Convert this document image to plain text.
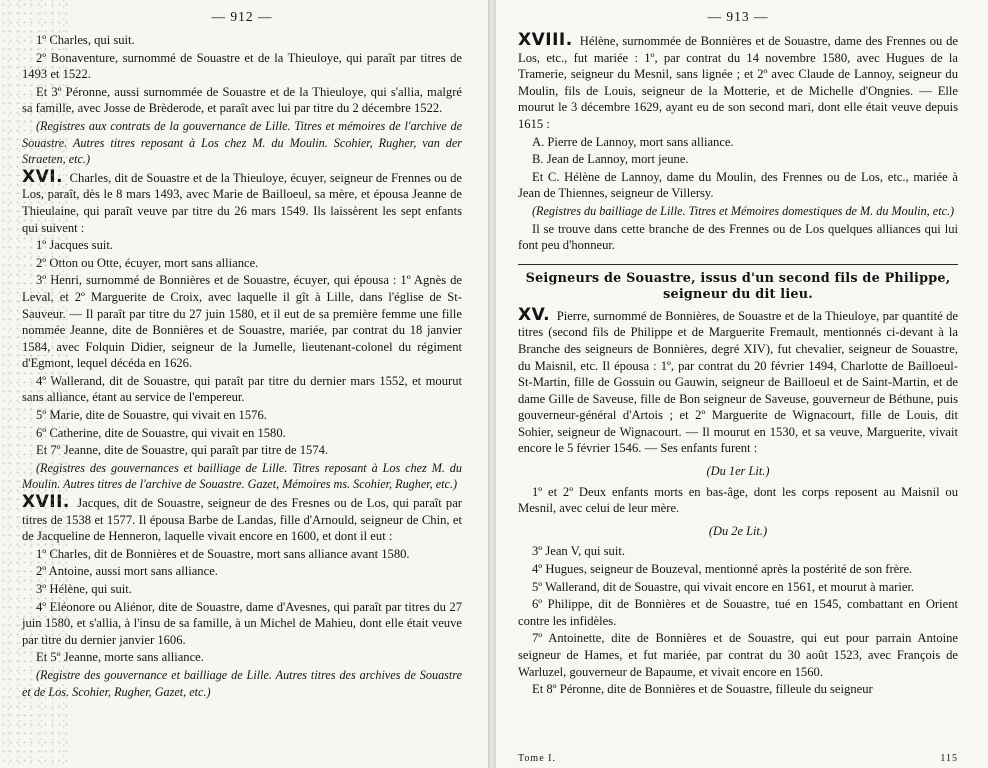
— 912 —
1º Charles, qui suit.
2º Bonaventure, surnommé de Souastre et de la Thieuloye, qui paraît par titres de 1493 et 1522.
Et 3º Péronne, aussi surnommée de Souastre et de la Thieuloye, qui s'allia, malgré sa famille, avec Josse de Brèderode, et paraît avec lui par titre du 2 décembre 1522.
(Registres aux contrats de la gouvernance de Lille. Titres et mémoires de l'archive de Souastre. Autres titres reposant à Los chez M. du Moulin. Scohier, Rugher, van der Straeten, etc.)
XVI. Charles, dit de Souastre et de la Thieuloye, écuyer, seigneur de Frennes ou de Los, paraît, dès le 8 mars 1493, avec Marie de Bailloeul, sa mère, et épousa Jeanne de Thieulaine, qui paraît veuve par titre du 26 mars 1549. Ils laissèrent les sept enfants qui suivent :
1º Jacques suit.
2º Otton ou Otte, écuyer, mort sans alliance.
3º Henri, surnommé de Bonnières et de Souastre, écuyer, qui épousa : 1º Agnès de Leval, et 2º Marguerite de Croix, avec laquelle il gît à Lille, dans l'église de St-Sauveur. — Il paraît par titre du 27 juin 1580, et il eut de sa première femme une fille nommée Jeanne, dite de Bonnières et de Souastre, mariée, par contrat du 18 janvier 1584, avec Folquin Didier, seigneur de la Jumelle, lieutenant-colonel du régiment d'Egmont, lequel décéda en 1626.
4º Wallerand, dit de Souastre, qui paraît par titre du dernier mars 1552, et mourut sans alliance, étant au service de l'empereur.
5º Marie, dite de Souastre, qui vivait en 1576.
6º Catherine, dite de Souastre, qui vivait en 1580.
Et 7º Jeanne, dite de Souastre, qui paraît par titre de 1574.
(Registres des gouvernances et bailliage de Lille. Titres reposant à Los chez M. du Moulin. Autres titres de l'archive de Souastre. Gazet, Mémoires ms. Scohier, Rugher, etc.)
XVII. Jacques, dit de Souastre, seigneur de des Fresnes ou de Los, qui paraît par titres de 1538 et 1577. Il épousa Barbe de Landas, fille d'Arnould, seigneur de Chin, et de Jacqueline de Henneron, laquelle vivait encore en 1600, et dont il eut :
1º Charles, dit de Bonnières et de Souastre, mort sans alliance avant 1580.
2º Antoine, aussi mort sans alliance.
3º Hélène, qui suit.
4º Eléonore ou Aliénor, dite de Souastre, dame d'Avesnes, qui paraît par titres du 27 juin 1580, et s'allia, à l'insu de sa famille, à un Michel de Mahieu, dont elle était veuve par titre du dernier janvier 1606.
Et 5º Jeanne, morte sans alliance.
(Registre des gouvernance et bailliage de Lille. Autres titres des archives de Souastre et de Los. Scohier, Rugher, Gazet, etc.)
— 913 —
XVIII. Hélène, surnommée de Bonnières et de Souastre, dame des Frennes ou de Los, etc., fut mariée : 1º, par contrat du 14 novembre 1580, avec Hugues de la Tramerie, seigneur du Mesnil, sans lignée ; et 2º avec Claude de Lannoy, seigneur du Moulin, fils de Louis, seigneur de la Motterie, et de Michelle d'Ongnies. — Elle mourut le 3 décembre 1629, ayant eu de son second mari, dont elle était veuve depuis 1615 :
A. Pierre de Lannoy, mort sans alliance.
B. Jean de Lannoy, mort jeune.
Et C. Hélène de Lannoy, dame du Moulin, des Frennes ou de Los, etc., mariée à Jean de Thiennes, seigneur de Villersy.
(Registres du bailliage de Lille. Titres et Mémoires domestiques de M. du Moulin, etc.)
Il se trouve dans cette branche de des Frennes ou de Los quelques alliances qui lui font peu d'honneur.
Seigneurs de Souastre, issus d'un second fils de Philippe, seigneur du dit lieu.
XV. Pierre, surnommé de Bonnières, de Souastre et de la Thieuloye, par quantité de titres (second fils de Philippe et de Marguerite Fremault, mentionnés ci-devant à la Branche des seigneurs de Bonnières, degré XIV), fut chevalier, seigneur de Souastre, du Maisnil, etc. Il épousa : 1º, par contrat du 20 février 1494, Charlotte de Bailloeul-St-Martin, fille de Gossuin ou Gauwin, seigneur de Bailloeul et de Saint-Martin, et de dame Gille de Saveuse, fille de Bon seigneur de Saveuse, gouverneur de Béthune, puis gouverneur-général d'Artois ; et 2º Marguerite de Wignacourt, fille de Louis, dit Sohier, seigneur de Wignacourt. — Il mourut en 1530, et sa veuve, Marguerite, vivait encore le 5 février 1546. — Ses enfants furent :
(Du 1er Lit.)
1º et 2º Deux enfants morts en bas-âge, dont les corps reposent au Maisnil ou Mesnil, avec celui de leur mère.
(Du 2e Lit.)
3º Jean V, qui suit.
4º Hugues, seigneur de Bouzeval, mentionné après la postérité de son frère.
5º Wallerand, dit de Souastre, qui vivait encore en 1561, et mourut à marier.
6º Philippe, dit de Bonnières et de Souastre, tué en 1545, combattant en Orient contre les infidèles.
7º Antoinette, dite de Bonnières et de Souastre, qui eut pour parrain Antoine seigneur de Hames, et fut mariée, par contrat du 30 août 1523, avec François de Warluzel, gouverneur de Bapaume, et vivait encore en 1560.
Et 8º Péronne, dite de Bonnières et de Souastre, filleule du seigneur
Tome I.	115
